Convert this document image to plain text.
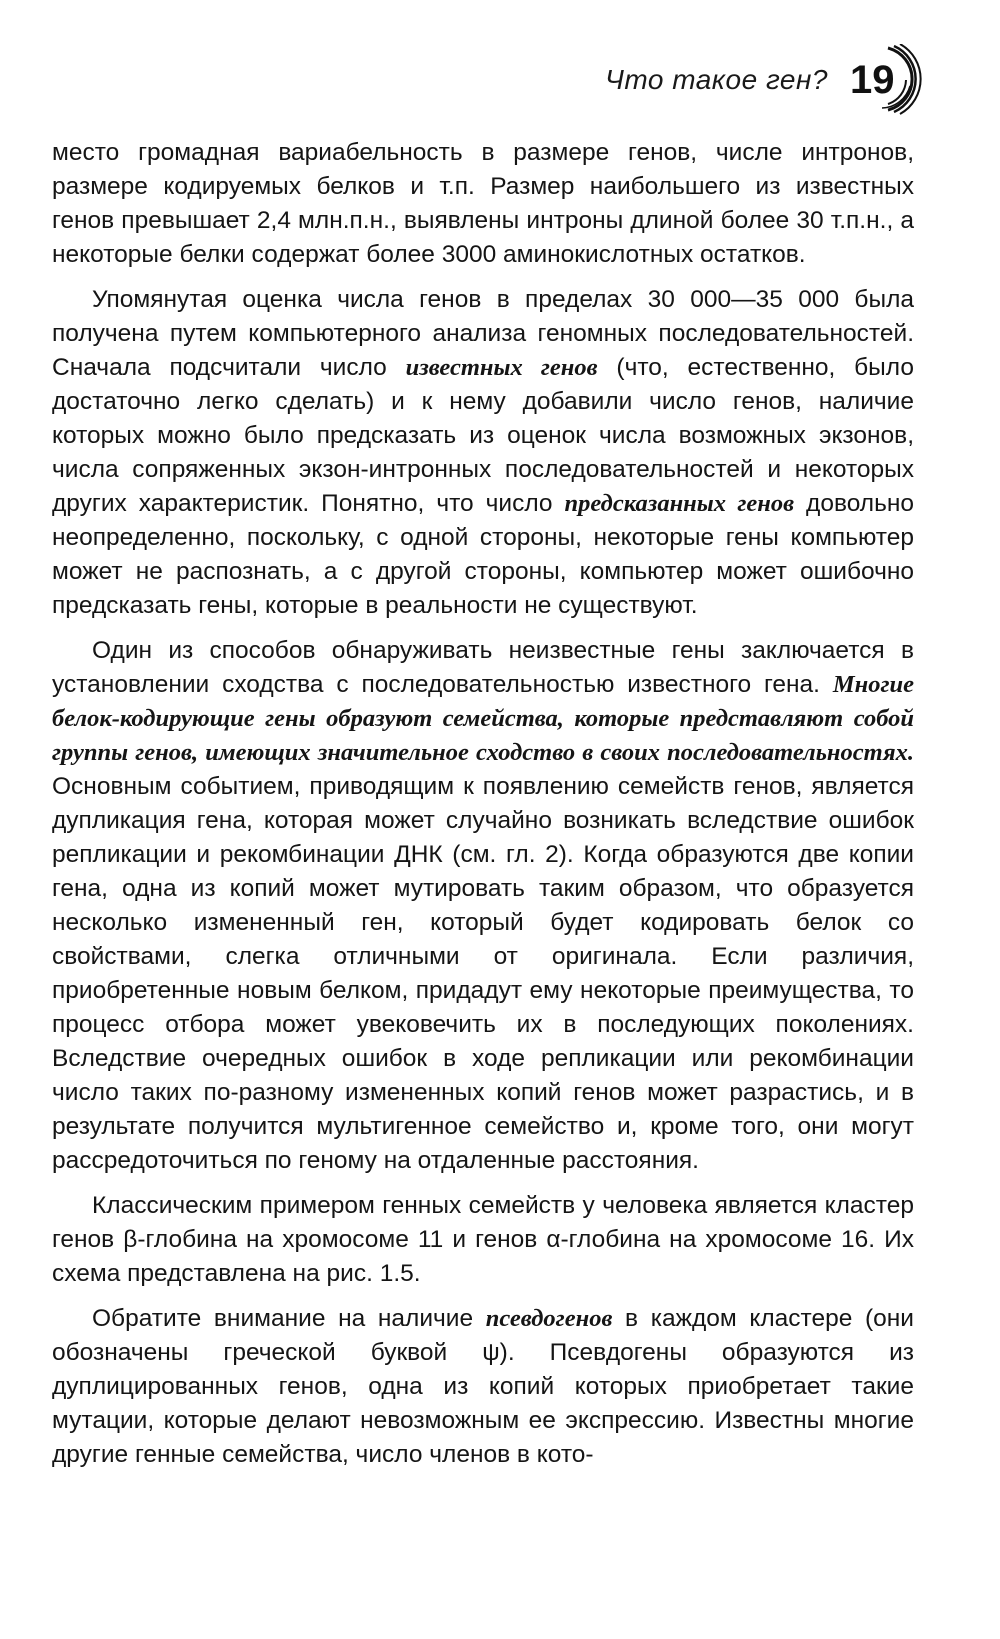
Что такое ген? 19

место громадная вариабельность в размере генов, числе интронов, размере кодируемых белков и т.п. Размер наибольшего из известных генов превышает 2,4 млн.п.н., выявлены интроны длиной более 30 т.п.н., а некоторые белки содержат более 3000 аминокислотных остатков.

Упомянутая оценка числа генов в пределах 30 000—35 000 была получена путем компьютерного анализа геномных последовательностей. Сначала подсчитали число известных генов (что, естественно, было достаточно легко сделать) и к нему добавили число генов, наличие которых можно было предсказать из оценок числа возможных экзонов, числа сопряженных экзон-интронных последовательностей и некоторых других характеристик. Понятно, что число предсказанных генов довольно неопределенно, поскольку, с одной стороны, некоторые гены компьютер может не распознать, а с другой стороны, компьютер может ошибочно предсказать гены, которые в реальности не существуют.

Один из способов обнаруживать неизвестные гены заключается в установлении сходства с последовательностью известного гена. Многие белок-кодирующие гены образуют семейства, которые представляют собой группы генов, имеющих значительное сходство в своих последовательностях. Основным событием, приводящим к появлению семейств генов, является дупликация гена, которая может случайно возникать вследствие ошибок репликации и рекомбинации ДНК (см. гл. 2). Когда образуются две копии гена, одна из копий может мутировать таким образом, что образуется несколько измененный ген, который будет кодировать белок со свойствами, слегка отличными от оригинала. Если различия, приобретенные новым белком, придадут ему некоторые преимущества, то процесс отбора может увековечить их в последующих поколениях. Вследствие очередных ошибок в ходе репликации или рекомбинации число таких по-разному измененных копий генов может разрастись, и в результате получится мультигенное семейство и, кроме того, они могут рассредоточиться по геному на отдаленные расстояния.

Классическим примером генных семейств у человека является кластер генов β-глобина на хромосоме 11 и генов α-глобина на хромосоме 16. Их схема представлена на рис. 1.5.

Обратите внимание на наличие псевдогенов в каждом кластере (они обозначены греческой буквой ψ). Псевдогены образуются из дуплицированных генов, одна из копий которых приобретает такие мутации, которые делают невозможным ее экспрессию. Известны многие другие генные семейства, число членов в кото-
